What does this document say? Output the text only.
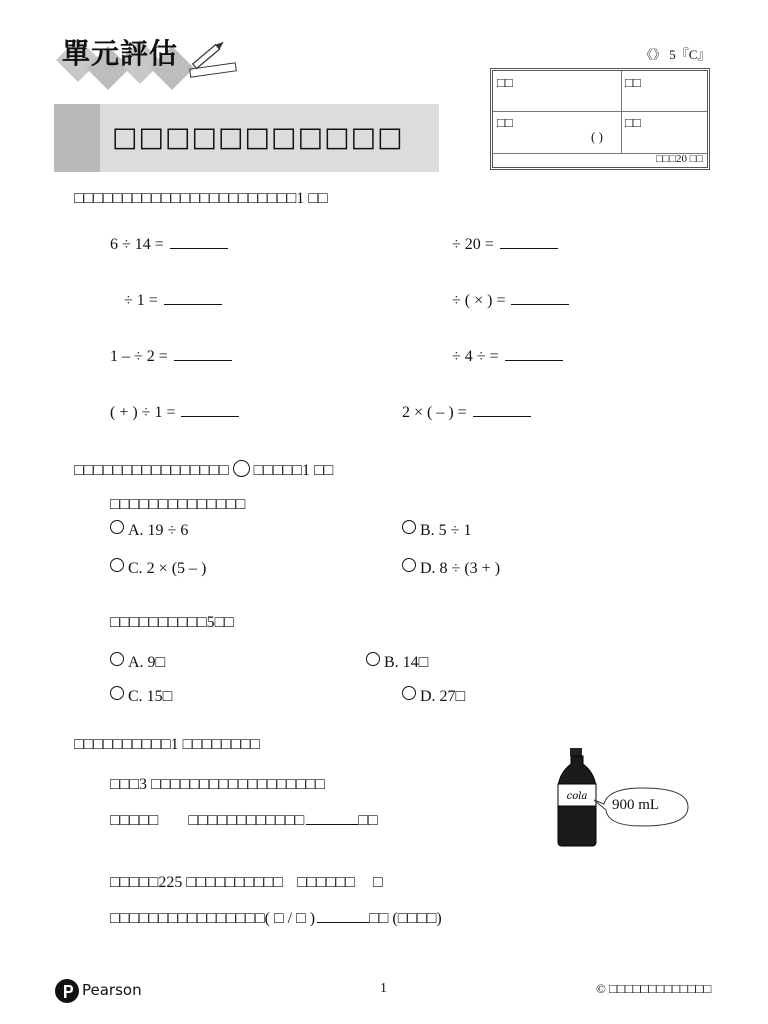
單元評估	《》 5『C』
□□□□□□□□□□□
□□	□□
□□	□□
( )
□□□20 □□
□□□□□□□□□□□□□□□□□□□□□□□1 □□
6 ÷ 14 =	÷ 20 =
÷ 1 =	÷ ( × ) =
1 – ÷ 2 =	÷ 4 ÷ =
( + ) ÷ 1 =	2 × ( – ) =
□□□□□□□□□□□□□□□□ □□□□□1 □□
□□□□□□□□□□□□□□
A. 19 ÷ 6	B. 5 ÷ 1
C. 2 × (5 – )	D. 8 ÷ (3 + )
□□□□□□□□□□5□□
A. 9□	B. 14□
C. 15□	D. 27□
□□□□□□□□□□1 □□□□□□□□
□□□3 □□□□□□□□□□□□□□□□□□
□□□□□ □□□□□□□□□□□□	□□
cola
900 mL
□□□□□225 □□□□□□□□□□ □□□□□□ □
□□□□□□□□□□□□□□□□( □ / □ )	□□ (□□□□)
Pearson	1	© □□□□□□□□□□□□□
